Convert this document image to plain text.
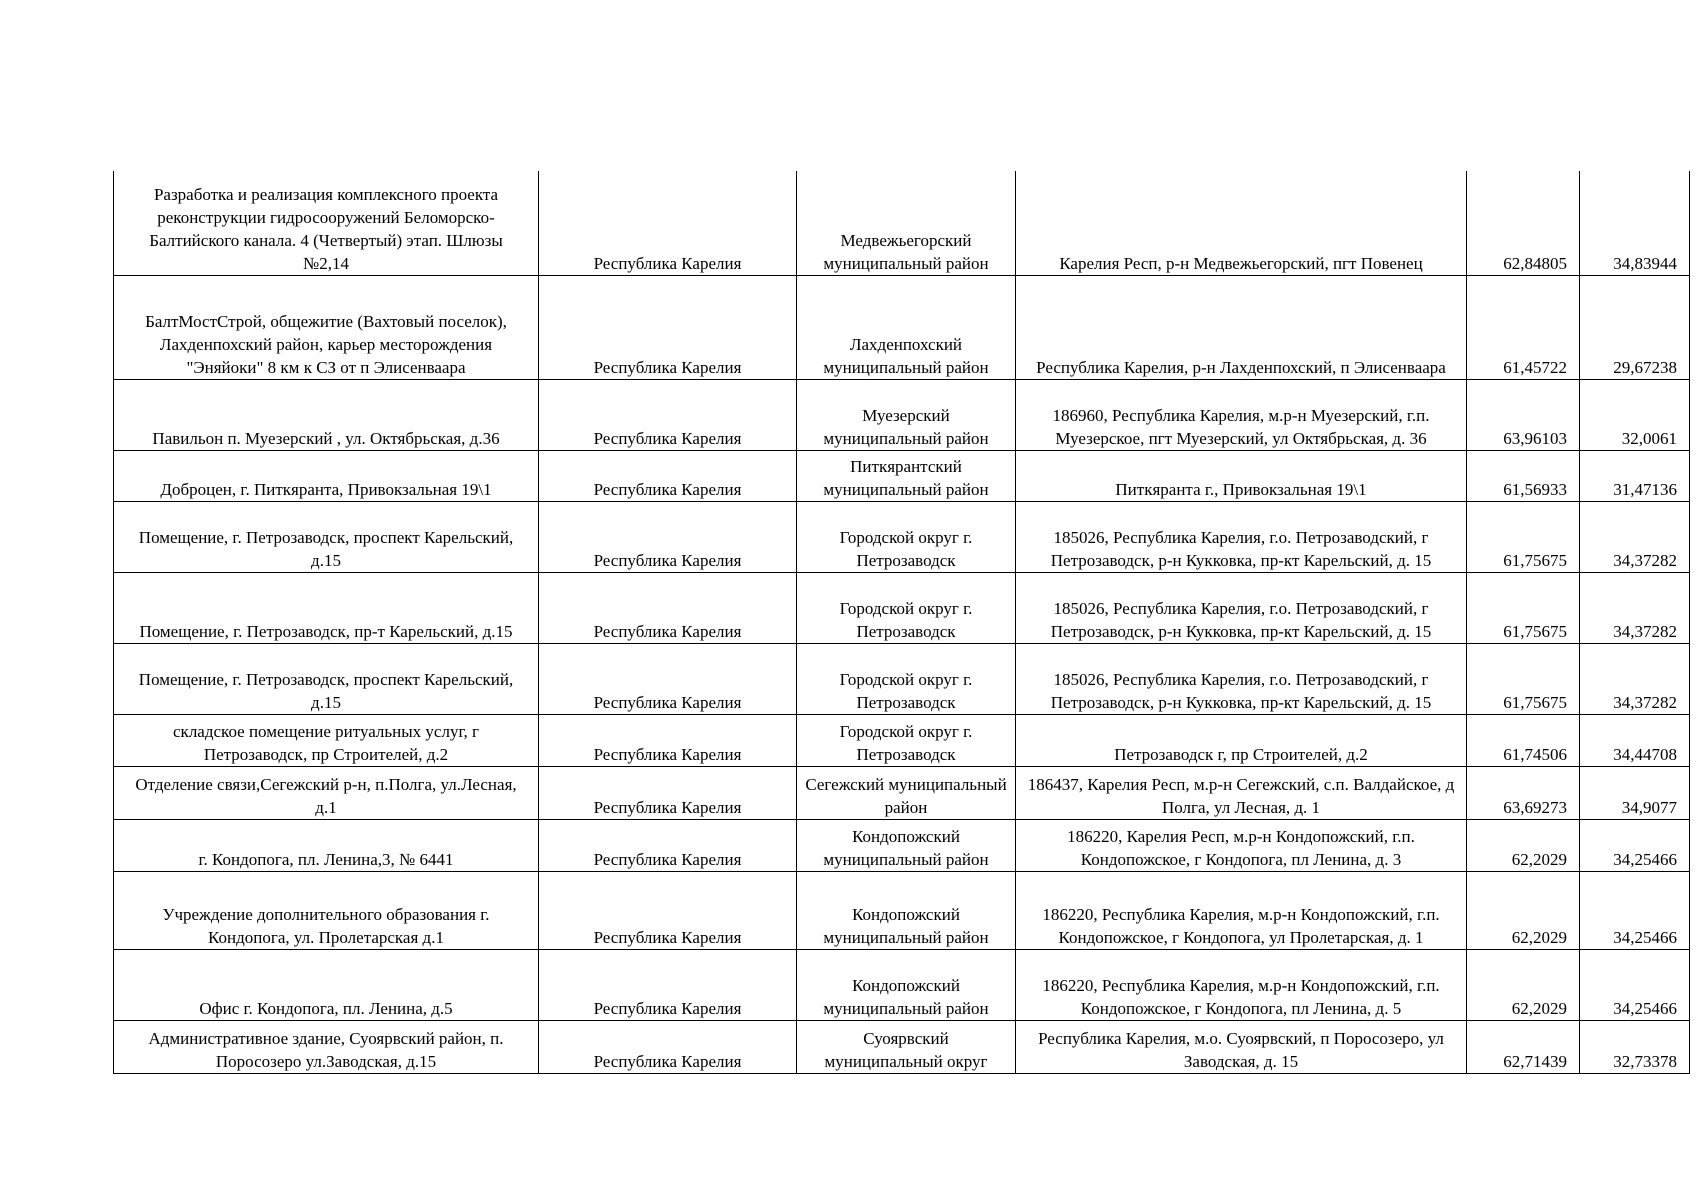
Разработка и реализация комплексного проекта реконструкции гидросооружений Беломорско-Балтийского канала. 4 (Четвертый) этап. Шлюзы №2,14	Республика Карелия	Медвежьегорский муниципальный район	Карелия Респ, р-н Медвежьегорский, пгт Повенец	62,84805	34,83944
БалтМостСтрой, общежитие (Вахтовый поселок), Лахденпохский район, карьер месторождения "Эняйоки" 8 км к СЗ от п Элисенваара	Республика Карелия	Лахденпохский муниципальный район	Республика Карелия, р-н Лахденпохский, п Элисенваара	61,45722	29,67238
Павильон п. Муезерский , ул. Октябрьская, д.36	Республика Карелия	Муезерский муниципальный район	186960, Республика Карелия, м.р-н Муезерский, г.п. Муезерское, пгт Муезерский, ул Октябрьская, д. 36	63,96103	32,0061
Доброцен, г. Питкяранта, Привокзальная 19\1	Республика Карелия	Питкярантский муниципальный район	Питкяранта г., Привокзальная 19\1	61,56933	31,47136
Помещение, г. Петрозаводск, проспект Карельский, д.15	Республика Карелия	Городской округ г. Петрозаводск	185026, Республика Карелия, г.о. Петрозаводский, г Петрозаводск, р-н Кукковка, пр-кт Карельский, д. 15	61,75675	34,37282
Помещение, г. Петрозаводск, пр-т Карельский, д.15	Республика Карелия	Городской округ г. Петрозаводск	185026, Республика Карелия, г.о. Петрозаводский, г Петрозаводск, р-н Кукковка, пр-кт Карельский, д. 15	61,75675	34,37282
Помещение, г. Петрозаводск, проспект Карельский, д.15	Республика Карелия	Городской округ г. Петрозаводск	185026, Республика Карелия, г.о. Петрозаводский, г Петрозаводск, р-н Кукковка, пр-кт Карельский, д. 15	61,75675	34,37282
складское помещение ритуальных услуг, г Петрозаводск, пр Строителей, д.2	Республика Карелия	Городской округ г. Петрозаводск	Петрозаводск г, пр Строителей, д.2	61,74506	34,44708
Отделение связи,Сегежский р-н, п.Полга, ул.Лесная, д.1	Республика Карелия	Сегежский муниципальный район	186437, Карелия Респ, м.р-н Сегежский, с.п. Валдайское, д Полга, ул Лесная, д. 1	63,69273	34,9077
г. Кондопога, пл. Ленина,3, № 6441	Республика Карелия	Кондопожский муниципальный район	186220, Карелия Респ, м.р-н Кондопожский, г.п. Кондопожское, г Кондопога, пл Ленина, д. 3	62,2029	34,25466
Учреждение дополнительного образования г. Кондопога, ул. Пролетарская д.1	Республика Карелия	Кондопожский муниципальный район	186220, Республика Карелия, м.р-н Кондопожский, г.п. Кондопожское, г Кондопога, ул Пролетарская, д. 1	62,2029	34,25466
Офис г. Кондопога, пл. Ленина, д.5	Республика Карелия	Кондопожский муниципальный район	186220, Республика Карелия, м.р-н Кондопожский, г.п. Кондопожское, г Кондопога, пл Ленина, д. 5	62,2029	34,25466
Административное здание, Суоярвский район, п. Поросозеро ул.Заводская, д.15	Республика Карелия	Суоярвский муниципальный округ	Республика Карелия, м.о. Суоярвский, п Поросозеро, ул Заводская, д. 15	62,71439	32,73378
